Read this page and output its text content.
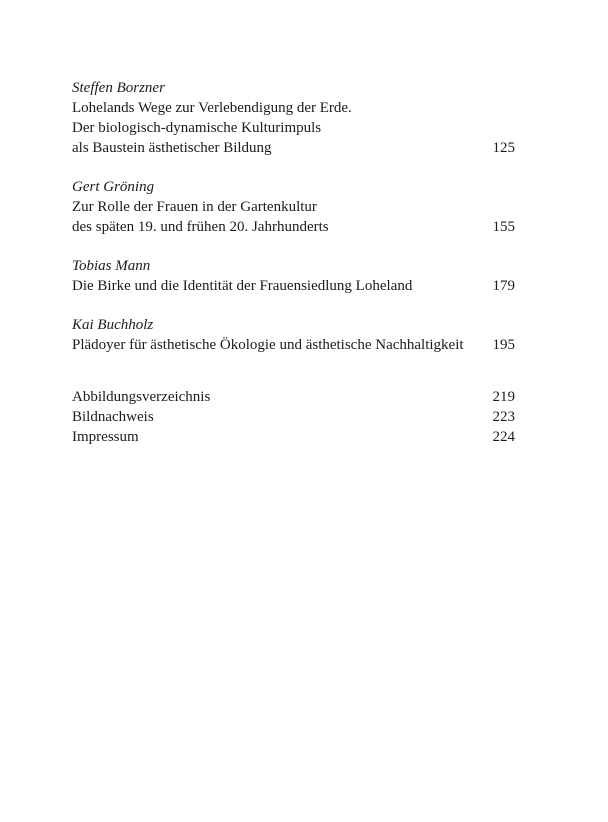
Steffen Borzner
Lohelands Wege zur Verlebendigung der Erde.
Der biologisch-dynamische Kulturimpuls
als Baustein ästhetischer Bildung	125
Gert Gröning
Zur Rolle der Frauen in der Gartenkultur
des späten 19. und frühen 20. Jahrhunderts	155
Tobias Mann
Die Birke und die Identität der Frauensiedlung Loheland	179
Kai Buchholz
Plädoyer für ästhetische Ökologie und ästhetische Nachhaltigkeit 195
Abbildungsverzeichnis	219
Bildnachweis	223
Impressum	224
